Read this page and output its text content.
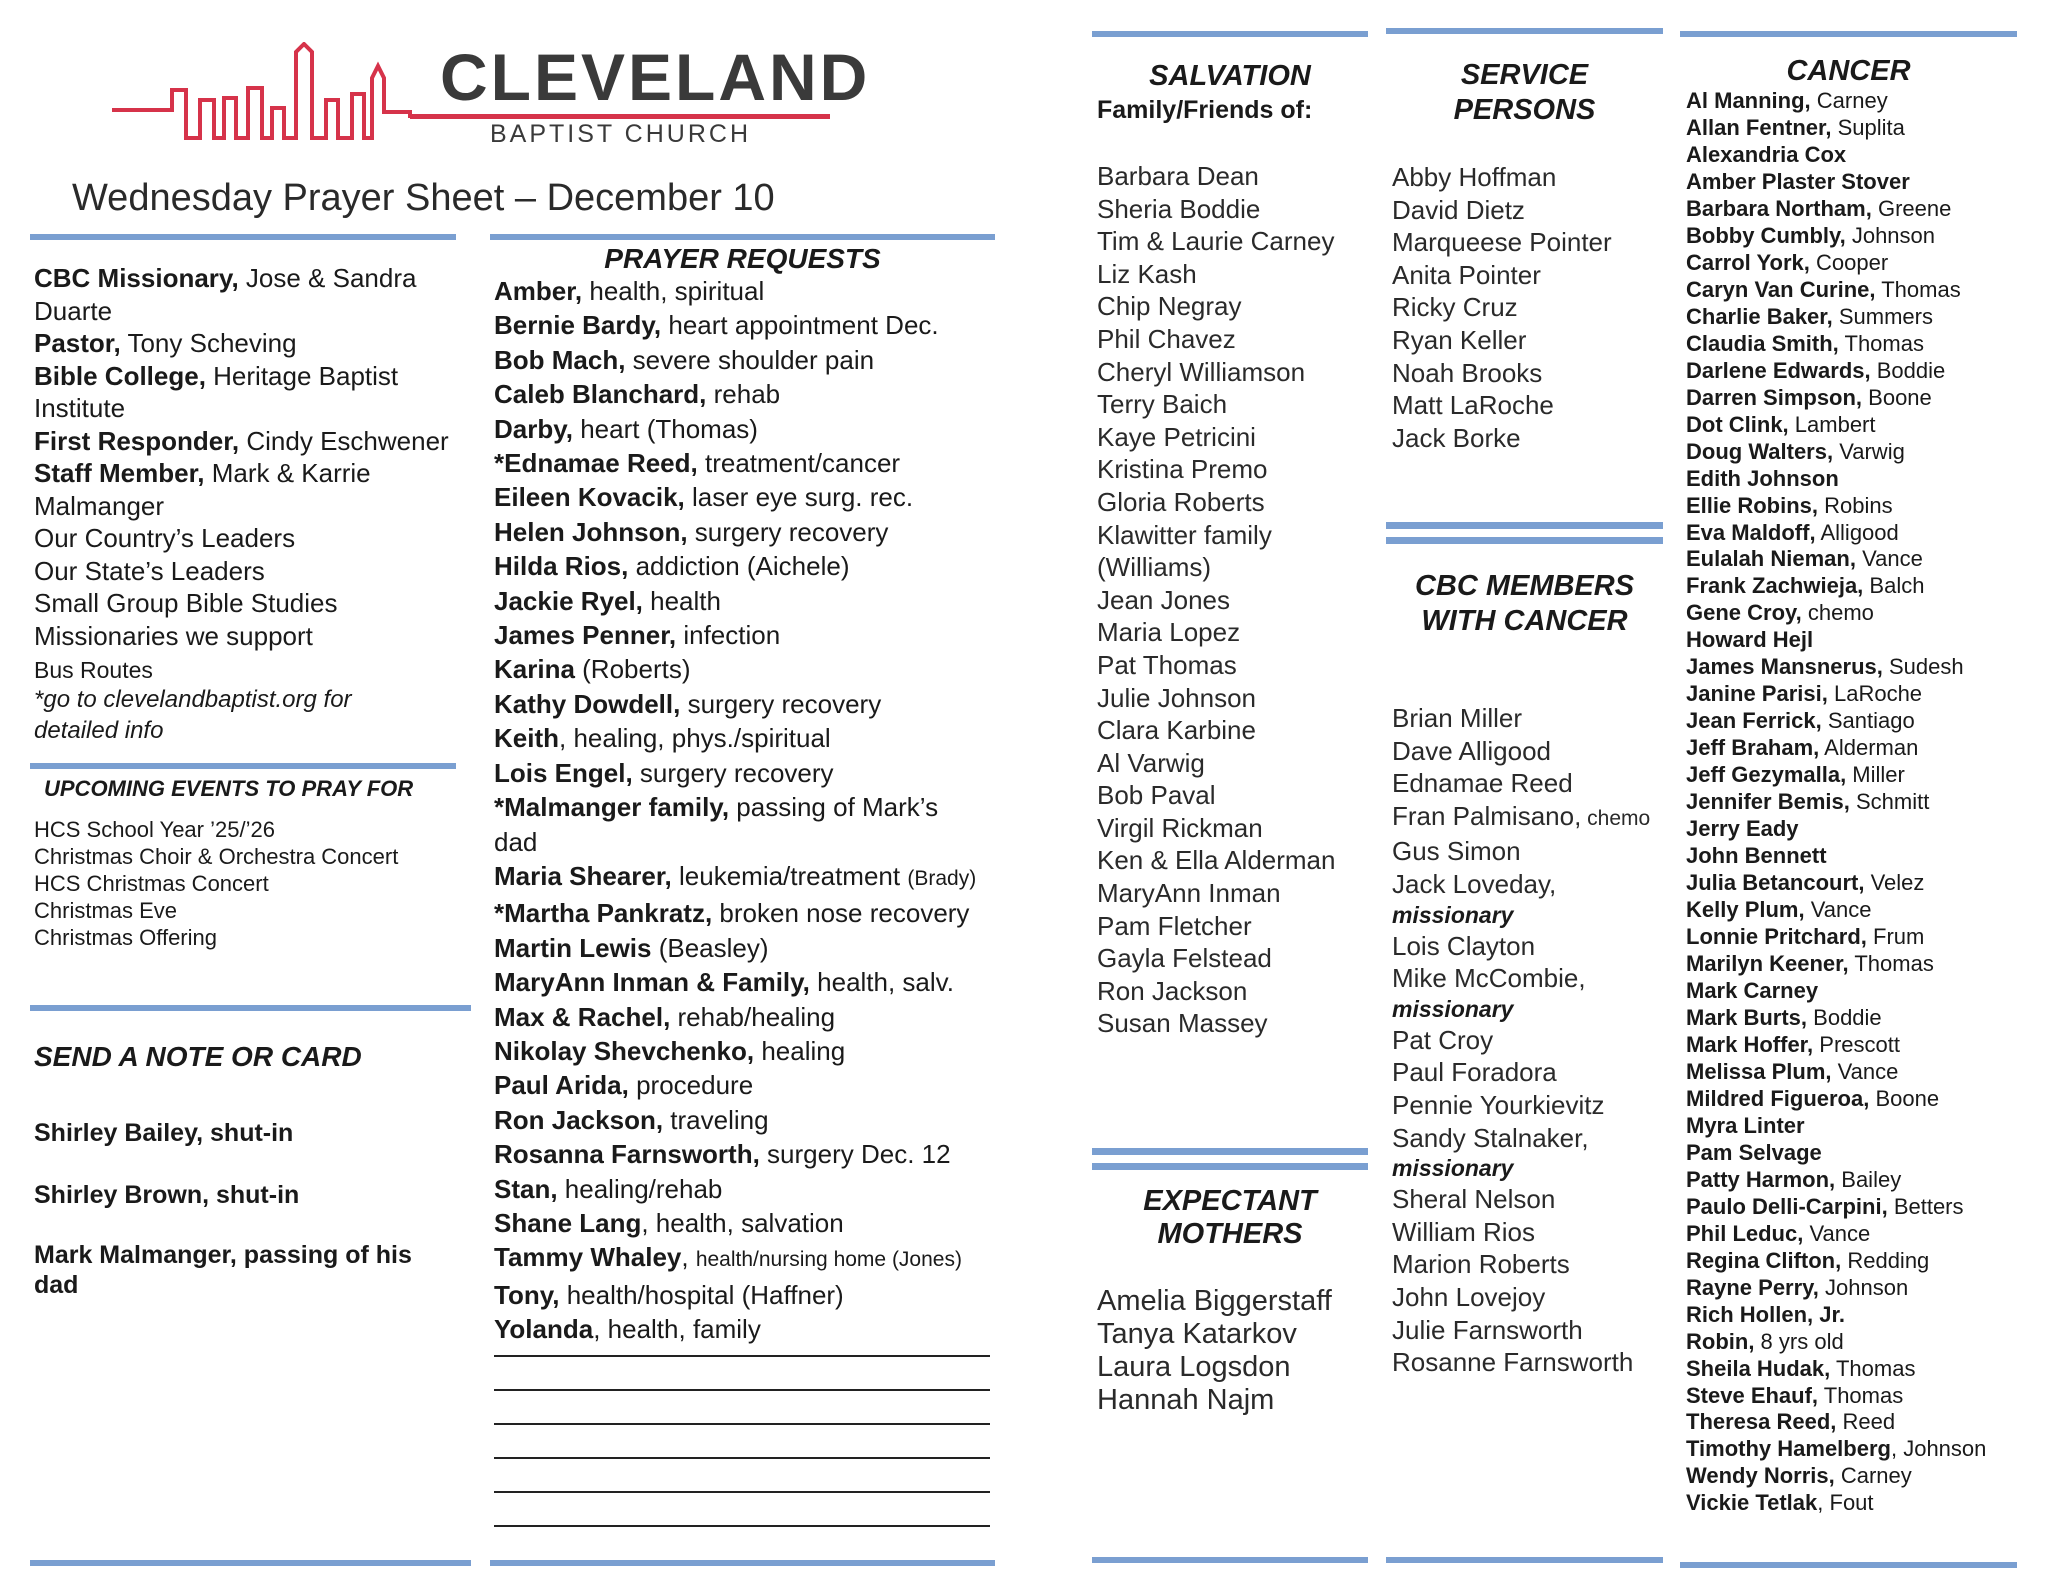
CLEVELAND
BAPTIST CHURCH
Wednesday Prayer Sheet – December 10
CBC Missionary, Jose & Sandra
Duarte
Pastor, Tony Scheving
Bible College, Heritage Baptist
Institute
First Responder, Cindy Eschwener
Staff Member, Mark & Karrie
Malmanger
Our Country’s Leaders
Our State’s Leaders
Small Group Bible Studies
Missionaries we support
Bus Routes
*go to clevelandbaptist.org for
detailed info
UPCOMING EVENTS TO PRAY FOR
HCS School Year ’25/’26
Christmas Choir & Orchestra Concert
HCS Christmas Concert
Christmas Eve
Christmas Offering
SEND A NOTE OR CARD
Shirley Bailey, shut-in
Shirley Brown, shut-in
Mark Malmanger, passing of his
dad
PRAYER REQUESTS
Amber, health, spiritual
Bernie Bardy, heart appointment Dec.
Bob Mach, severe shoulder pain
Caleb Blanchard, rehab
Darby, heart (Thomas)
*Ednamae Reed, treatment/cancer
Eileen Kovacik, laser eye surg. rec.
Helen Johnson, surgery recovery
Hilda Rios, addiction (Aichele)
Jackie Ryel, health
James Penner, infection
Karina (Roberts)
Kathy Dowdell, surgery recovery
Keith, healing, phys./spiritual
Lois Engel, surgery recovery
*Malmanger family, passing of Mark’s
dad
Maria Shearer, leukemia/treatment (Brady)
*Martha Pankratz, broken nose recovery
Martin Lewis (Beasley)
MaryAnn Inman & Family, health, salv.
Max & Rachel, rehab/healing
Nikolay Shevchenko, healing
Paul Arida, procedure
Ron Jackson, traveling
Rosanna Farnsworth, surgery Dec. 12
Stan, healing/rehab
Shane Lang, health, salvation
Tammy Whaley, health/nursing home (Jones)
Tony, health/hospital (Haffner)
Yolanda, health, family
SALVATION
Family/Friends of:
Barbara Dean
Sheria Boddie
Tim & Laurie Carney
Liz Kash
Chip Negray
Phil Chavez
Cheryl Williamson
Terry Baich
Kaye Petricini
Kristina Premo
Gloria Roberts
Klawitter family
(Williams)
Jean Jones
Maria Lopez
Pat Thomas
Julie Johnson
Clara Karbine
Al Varwig
Bob Paval
Virgil Rickman
Ken & Ella Alderman
MaryAnn Inman
Pam Fletcher
Gayla Felstead
Ron Jackson
Susan Massey
EXPECTANT
MOTHERS
Amelia Biggerstaff
Tanya Katarkov
Laura Logsdon
Hannah Najm
SERVICE
PERSONS
Abby Hoffman
David Dietz
Marqueese Pointer
Anita Pointer
Ricky Cruz
Ryan Keller
Noah Brooks
Matt LaRoche
Jack Borke
CBC MEMBERS
WITH CANCER
Brian Miller
Dave Alligood
Ednamae Reed
Fran Palmisano, chemo
Gus Simon
Jack Loveday,
missionary
Lois Clayton
Mike McCombie,
missionary
Pat Croy
Paul Foradora
Pennie Yourkievitz
Sandy Stalnaker,
missionary
Sheral Nelson
William Rios
Marion Roberts
John Lovejoy
Julie Farnsworth
Rosanne Farnsworth
CANCER
Al Manning, Carney
Allan Fentner, Suplita
Alexandria Cox
Amber Plaster Stover
Barbara Northam, Greene
Bobby Cumbly, Johnson
Carrol York, Cooper
Caryn Van Curine, Thomas
Charlie Baker, Summers
Claudia Smith, Thomas
Darlene Edwards, Boddie
Darren Simpson, Boone
Dot Clink, Lambert
Doug Walters, Varwig
Edith Johnson
Ellie Robins, Robins
Eva Maldoff, Alligood
Eulalah Nieman, Vance
Frank Zachwieja, Balch
Gene Croy, chemo
Howard Hejl
James Mansnerus, Sudesh
Janine Parisi, LaRoche
Jean Ferrick, Santiago
Jeff Braham, Alderman
Jeff Gezymalla, Miller
Jennifer Bemis, Schmitt
Jerry Eady
John Bennett
Julia Betancourt, Velez
Kelly Plum, Vance
Lonnie Pritchard, Frum
Marilyn Keener, Thomas
Mark Carney
Mark Burts, Boddie
Mark Hoffer, Prescott
Melissa Plum, Vance
Mildred Figueroa, Boone
Myra Linter
Pam Selvage
Patty Harmon, Bailey
Paulo Delli-Carpini, Betters
Phil Leduc, Vance
Regina Clifton, Redding
Rayne Perry, Johnson
Rich Hollen, Jr.
Robin, 8 yrs old
Sheila Hudak, Thomas
Steve Ehauf, Thomas
Theresa Reed, Reed
Timothy Hamelberg, Johnson
Wendy Norris, Carney
Vickie Tetlak, Fout
